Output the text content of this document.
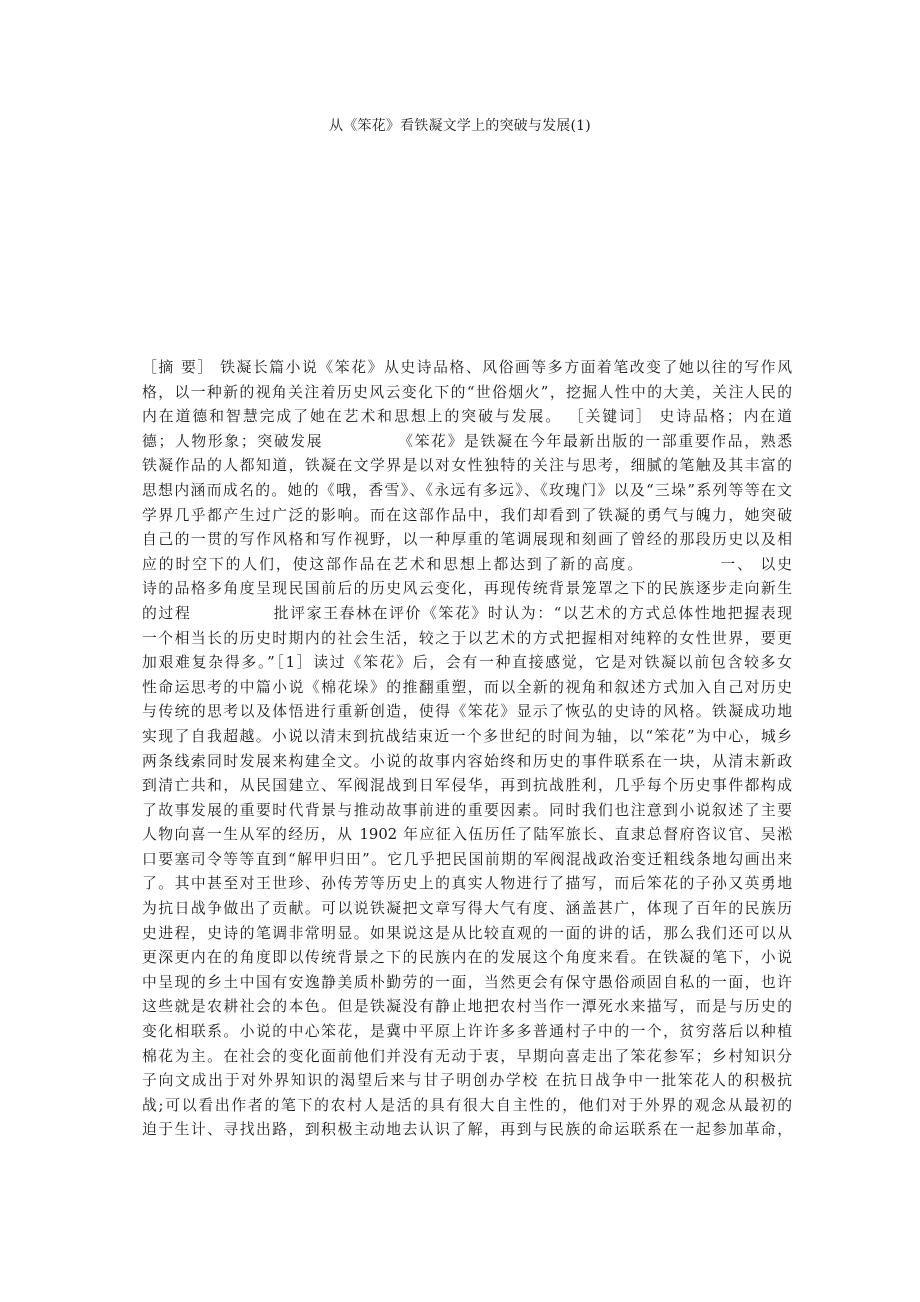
从《笨花》看铁凝文学上的突破与发展(1)
［摘 要］ 铁凝长篇小说《笨花》从史诗品格、风俗画等多方面着笔改变了她以往的写作风
格，以一种新的视角关注着历史风云变化下的“世俗烟火”，挖掘人性中的大美，关注人民的
内在道德和智慧完成了她在艺术和思想上的突破与发展。 ［关键词］ 史诗品格；内在道
德；人物形象；突破发展　　　　　《笨花》是铁凝在今年最新出版的一部重要作品，熟悉
铁凝作品的人都知道，铁凝在文学界是以对女性独特的关注与思考，细腻的笔触及其丰富的
思想内涵而成名的。她的《哦，香雪》、《永远有多远》、《玫瑰门》以及“三垛”系列等等在文
学界几乎都产生过广泛的影响。而在这部作品中，我们却看到了铁凝的勇气与魄力，她突破
自己的一贯的写作风格和写作视野，以一种厚重的笔调展现和刻画了曾经的那段历史以及相
应的时空下的人们，使这部作品在艺术和思想上都达到了新的高度。　　　　　一、 以史
诗的品格多角度呈现民国前后的历史风云变化，再现传统背景笼罩之下的民族逐步走向新生
的过程　　　　　批评家王春林在评价《笨花》时认为：“以艺术的方式总体性地把握表现
一个相当长的历史时期内的社会生活，较之于以艺术的方式把握相对纯粹的女性世界，要更
加艰难复杂得多。”［1］读过《笨花》后，会有一种直接感觉，它是对铁凝以前包含较多女
性命运思考的中篇小说《棉花垛》的推翻重塑，而以全新的视角和叙述方式加入自己对历史
与传统的思考以及体悟进行重新创造，使得《笨花》显示了恢弘的史诗的风格。铁凝成功地
实现了自我超越。小说以清末到抗战结束近一个多世纪的时间为轴，以“笨花”为中心，城乡
两条线索同时发展来构建全文。小说的故事内容始终和历史的事件联系在一块，从清末新政
到清亡共和，从民国建立、军阀混战到日军侵华，再到抗战胜利，几乎每个历史事件都构成
了故事发展的重要时代背景与推动故事前进的重要因素。同时我们也注意到小说叙述了主要
人物向喜一生从军的经历，从 1902 年应征入伍历任了陆军旅长、直隶总督府咨议官、吴淞
口要塞司令等等直到“解甲归田”。它几乎把民国前期的军阀混战政治变迁粗线条地勾画出来
了。其中甚至对王世珍、孙传芳等历史上的真实人物进行了描写，而后笨花的子孙又英勇地
为抗日战争做出了贡献。可以说铁凝把文章写得大气有度、涵盖甚广，体现了百年的民族历
史进程，史诗的笔调非常明显。如果说这是从比较直观的一面的讲的话，那么我们还可以从
更深更内在的角度即以传统背景之下的民族内在的发展这个角度来看。在铁凝的笔下，小说
中呈现的乡土中国有安逸静美质朴勤劳的一面，当然更会有保守愚俗顽固自私的一面，也许
这些就是农耕社会的本色。但是铁凝没有静止地把农村当作一潭死水来描写，而是与历史的
变化相联系。小说的中心笨花，是冀中平原上许许多多普通村子中的一个，贫穷落后以种植
棉花为主。在社会的变化面前他们并没有无动于衷，早期向喜走出了笨花参军；乡村知识分
子向文成出于对外界知识的渴望后来与甘子明创办学校 在抗日战争中一批笨花人的积极抗
战;可以看出作者的笔下的农村人是活的具有很大自主性的，他们对于外界的观念从最初的
迫于生计、寻找出路，到积极主动地去认识了解，再到与民族的命运联系在一起参加革命，
